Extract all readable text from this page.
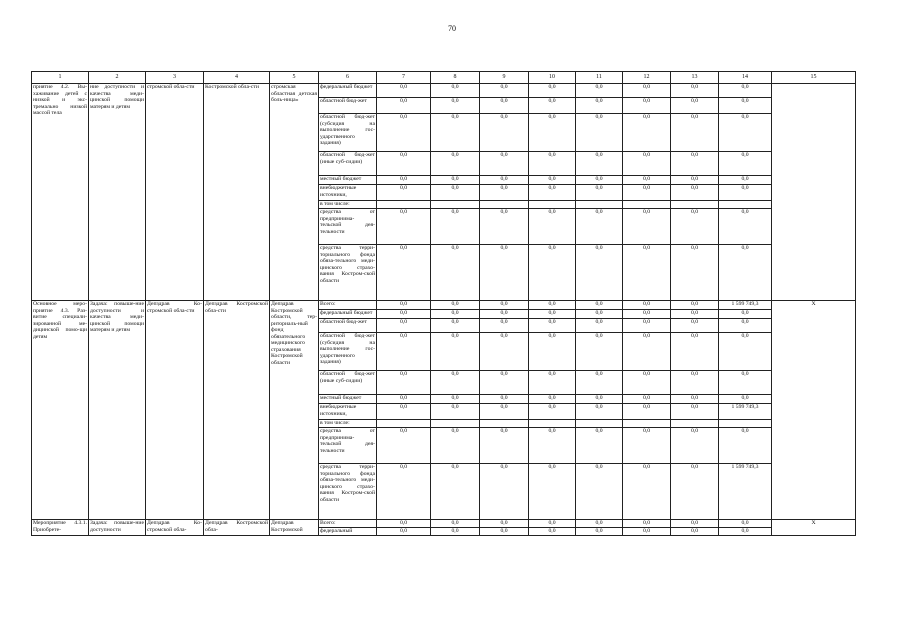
70
1	2	3	4	5	6	7	8	9	10	11	12	13	14	15
приятие 4.2. Вы-хаживание детей с низкой и экс-тремально низкой массой тела	ние доступности и качества меди-цинской помощи матерям и детям	стромской обла-сти	Костромской обла-сти	стромская областная детская боль-ница»	федеральный бюджет	0,0	0,0	0,0	0,0	0,0	0,0	0,0	0,0	
					областной бюд-жет	0,0	0,0	0,0	0,0	0,0	0,0	0,0	0,0	
					областной бюд-жет (субсидия на выполнение гос-ударственного задания)	0,0	0,0	0,0	0,0	0,0	0,0	0,0	0,0	
					областной бюд-жет (иные суб-сидии)	0,0	0,0	0,0	0,0	0,0	0,0	0,0	0,0	
					местный бюджет	0,0	0,0	0,0	0,0	0,0	0,0	0,0	0,0	
					внебюджетные источники,	0,0	0,0	0,0	0,0	0,0	0,0	0,0	0,0	
					в том числе:									
					средства от предпринима-тельской дея-тельности	0,0	0,0	0,0	0,0	0,0	0,0	0,0	0,0	
					средства терри-ториального фонда обяза-тельного меди-цинского страхо-вания Костром-ской области	0,0	0,0	0,0	0,0	0,0	0,0	0,0	0,0	
Основное меро-приятие 4.3. Раз-витие специали-зированной ме-дицинской помо-щи детям	Задача: повыше-ние доступности и качества меди-цинской помощи матерям и детям	Депздрав Ко-стромской обла-сти	Депздрав Костромской обла-сти	Депздрав Костромской области, тер-риториаль-ный фонд обязательного медицинского страхования Костромской области	Всего:	0,0	0,0	0,0	0,0	0,0	0,0	0,0	1 599 749,3	X
					федеральный бюджет	0,0	0,0	0,0	0,0	0,0	0,0	0,0	0,0	
					областной бюд-жет	0,0	0,0	0,0	0,0	0,0	0,0	0,0	0,0	
					областной бюд-жет (субсидия на выполнение гос-ударственного задания)	0,0	0,0	0,0	0,0	0,0	0,0	0,0	0,0	
					областной бюд-жет (иные суб-сидии)	0,0	0,0	0,0	0,0	0,0	0,0	0,0	0,0	
					местный бюджет	0,0	0,0	0,0	0,0	0,0	0,0	0,0	0,0	
					внебюджетные источники,	0,0	0,0	0,0	0,0	0,0	0,0	0,0	1 599 749,3	
					в том числе:									
					средства от предпринима-тельской дея-тельности	0,0	0,0	0,0	0,0	0,0	0,0	0,0	0,0	
					средства терри-ториального фонда обяза-тельного меди-цинского страхо-вания Костром-ской области	0,0	0,0	0,0	0,0	0,0	0,0	0,0	1 599 749,3	
Мероприятие 4.3.1. Приобрете-	Задача: повыше-ние доступности	Депздрав Ко-стромской обла-	Депздрав Костромской обла-	Депздрав Костромской	Всего:	0,0	0,0	0,0	0,0	0,0	0,0	0,0	0,0	X
					федеральный	0,0	0,0	0,0	0,0	0,0	0,0	0,0	0,0	
